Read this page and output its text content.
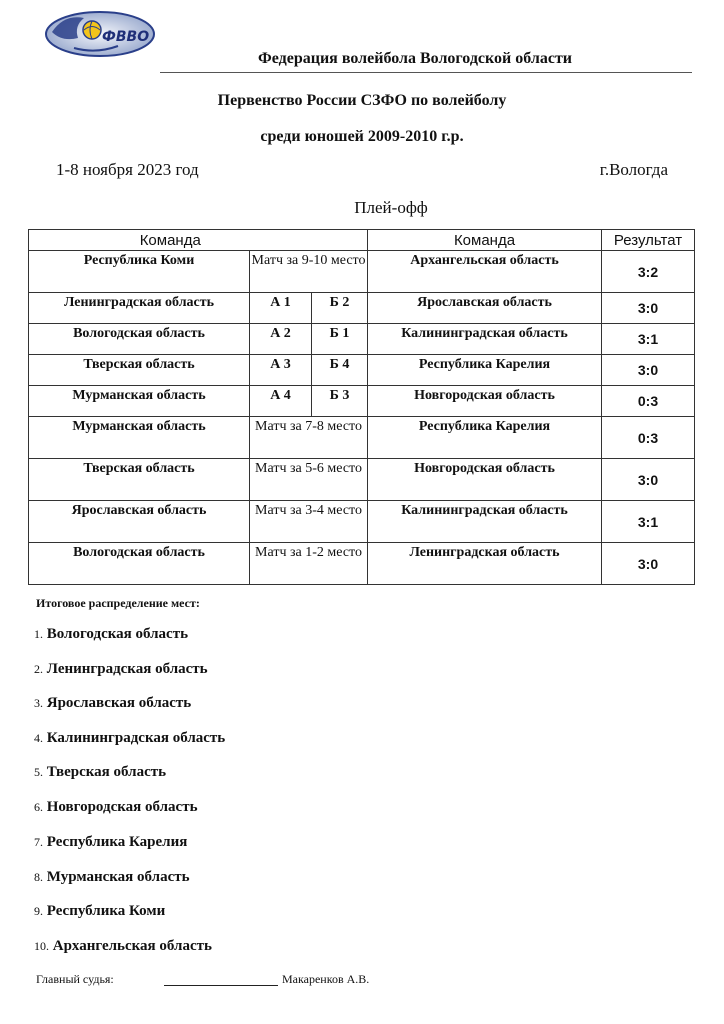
ФВВО
Федерация волейбола Вологодской области
Первенство России СЗФО по волейболу
среди юношей 2009-2010 г.р.
1-8 ноября 2023 год	г.Вологда
Плей-офф
Команда			Команда	Результат
Республика Коми	Матч за 9-10 место		Архангельская область	3:2
Ленинградская область	А 1	Б 2	Ярославская область	3:0
Вологодская область	А 2	Б 1	Калининградская область	3:1
Тверская область	А 3	Б 4	Республика Карелия	3:0
Мурманская область	А 4	Б 3	Новгородская область	0:3
Мурманская область	Матч за 7-8 место		Республика Карелия	0:3
Тверская область	Матч за 5-6 место		Новгородская область	3:0
Ярославская область	Матч за 3-4 место		Калининградская область	3:1
Вологодская область	Матч за 1-2 место		Ленинградская область	3:0
Итоговое распределение мест:
1. Вологодская область
2. Ленинградская область
3. Ярославская область
4. Калининградская область
5. Тверская область
6. Новгородская область
7. Республика Карелия
8. Мурманская область
9. Республика Коми
10. Архангельская область
Главный судья:	Макаренков А.В.
